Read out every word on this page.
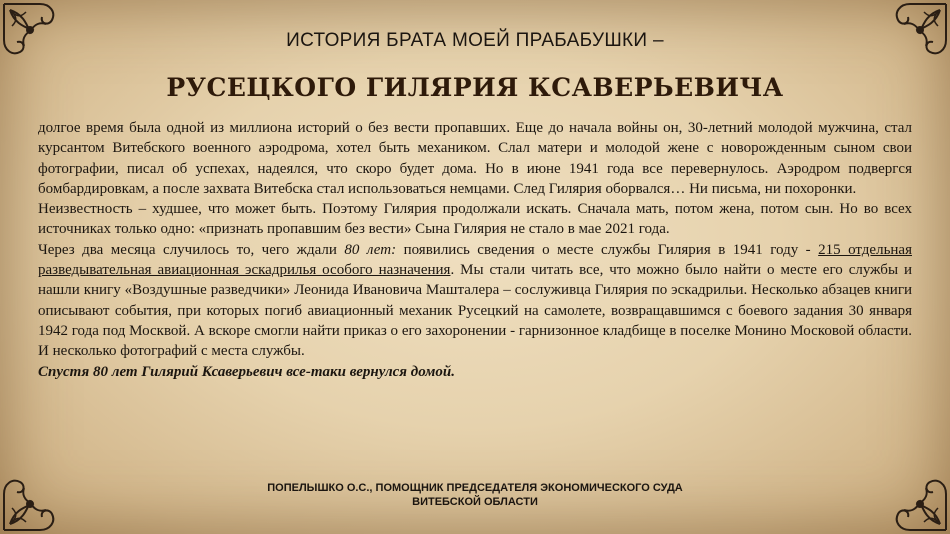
ИСТОРИЯ БРАТА МОЕЙ ПРАБАБУШКИ –
РУСЕЦКОГО ГИЛЯРИЯ КСАВЕРЬЕВИЧА

долгое время была одной из миллиона историй о без вести пропавших. Еще до начала войны он, 30-летний молодой мужчина, стал курсантом Витебского военного аэродрома, хотел быть механиком. Слал матери и молодой жене с новорожденным сыном свои фотографии, писал об успехах, надеялся, что скоро будет дома. Но в июне 1941 года все перевернулось. Аэродром подвергся бомбардировкам, а после захвата Витебска стал использоваться немцами. След Гилярия оборвался… Ни письма, ни похоронки.

Неизвестность – худшее, что может быть. Поэтому Гилярия продолжали искать. Сначала мать, потом жена, потом сын. Но во всех источниках только одно: «признать пропавшим без вести» Сына Гилярия не стало в мае 2021 года.

Через два месяца случилось то, чего ждали 80 лет: появились сведения о месте службы Гилярия в 1941 году - 215 отдельная разведывательная авиационная эскадрилья особого назначения. Мы стали читать все, что можно было найти о месте его службы и нашли книгу «Воздушные разведчики» Леонида Ивановича Машталера – сослуживца Гилярия по эскадрильи. Несколько абзацев книги описывают события, при которых погиб авиационный механик Русецкий на самолете, возвращавшимся с боевого задания 30 января 1942 года под Москвой. А вскоре смогли найти приказ о его захоронении - гарнизонное кладбище в поселке Монино Московой области. И несколько фотографий с места службы.

Спустя 80 лет Гилярий Ксаверьевич все-таки вернулся домой.

ПОПЕЛЫШКО О.С., ПОМОЩНИК ПРЕДСЕДАТЕЛЯ ЭКОНОМИЧЕСКОГО СУДА
ВИТЕБСКОЙ ОБЛАСТИ
